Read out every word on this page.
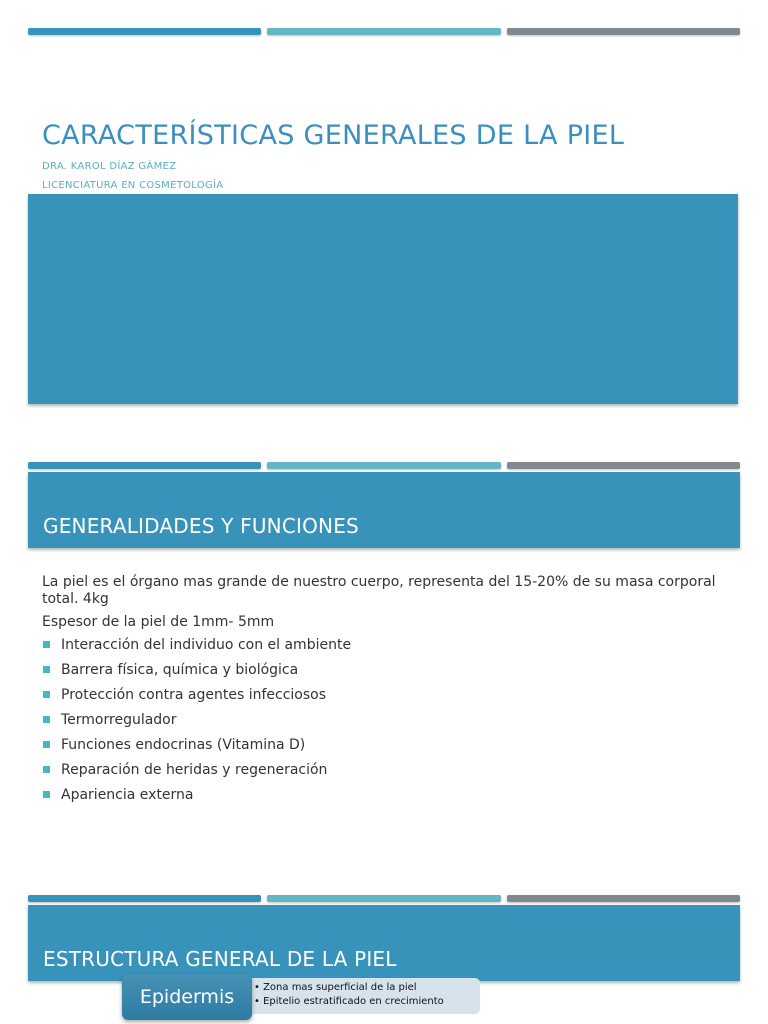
CARACTERÍSTICAS GENERALES DE LA PIEL

DRA. KAROL DÍAZ GÁMEZ

LICENCIATURA EN COSMETOLOGÍA

GENERALIDADES Y FUNCIONES

La piel es el órgano mas grande de nuestro cuerpo, representa del 15-20% de su masa corporal total. 4kg

Espesor de la piel de 1mm- 5mm

Interacción del individuo con el ambiente
Barrera física, química y biológica
Protección contra agentes infecciosos
Termorregulador
Funciones endocrinas (Vitamina D)
Reparación de heridas y regeneración
Apariencia externa
ESTRUCTURA GENERAL DE LA PIEL
• Zona mas superficial de la piel
• Epitelio estratificado en crecimiento
Epidermis
